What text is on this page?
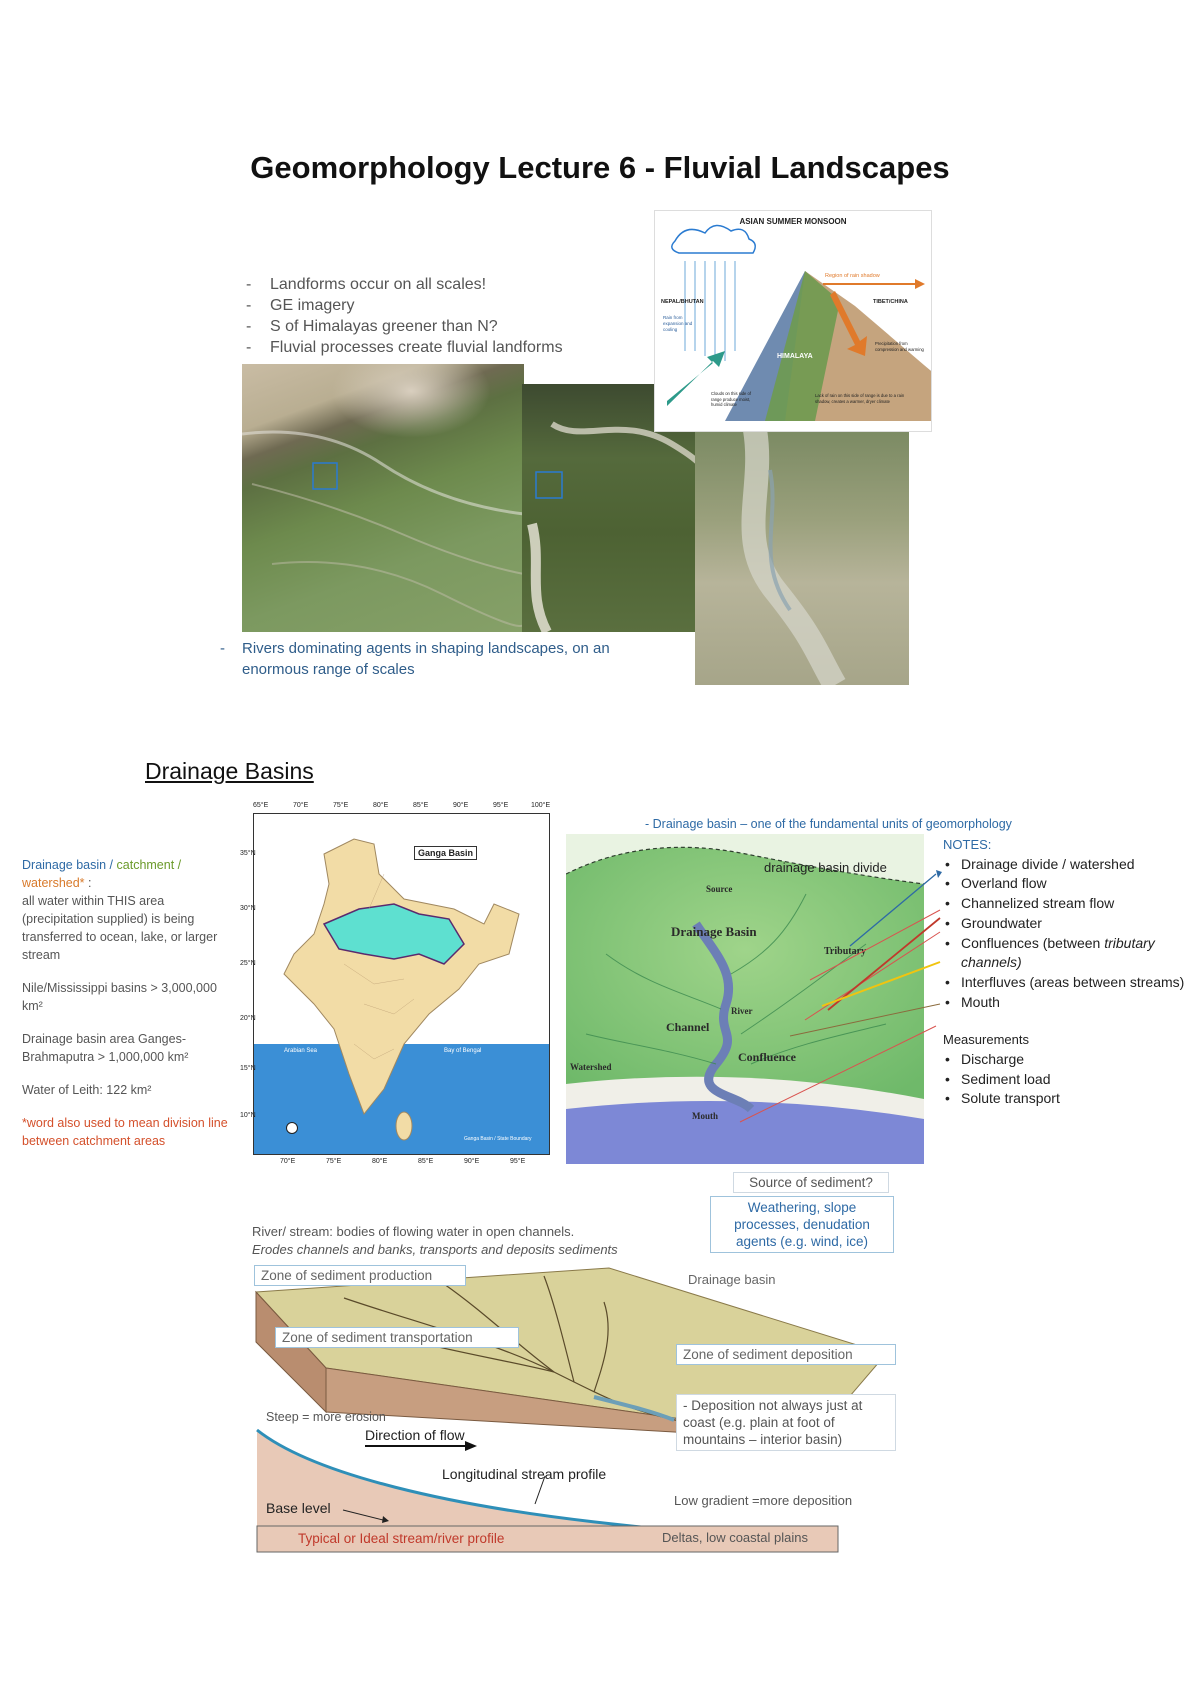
Geomorphology Lecture 6 - Fluvial Landscapes
- Landforms occur on all scales!
- GE imagery
- S of Himalayas greener than N?
- Fluvial processes create fluvial landforms
ASIAN SUMMER MONSOON
NEPAL/BHUTAN	TIBET/CHINA
HIMALAYA
Region of rain shadow
Rain from expansion and cooling
Clouds on this side of range produce moist, humid climate
Lack of rain on this side of range is due to a rain shadow, creates a warmer, dryer climate
Precipitation from compression and warming
- Rivers dominating agents in shaping landscapes, on an enormous range of scales
Drainage Basins

Drainage basin / catchment / watershed* :
all water within THIS area (precipitation supplied) is being transferred to ocean, lake, or larger stream

Nile/Mississippi basins > 3,000,000 km²

Drainage basin area Ganges-Brahmaputra > 1,000,000 km²

Water of Leith: 122 km²

*word also used to mean division line between catchment areas

65°E	70°E	75°E	80°E	85°E	90°E	95°E	100°E
Ganga Basin
Arabian Sea	Bay of Bengal
Ganga Basin / State Boundary
70°E	75°E	80°E	85°E	90°E	95°E
35°N
30°N
25°N
20°N
15°N
10°N
- Drainage basin – one of the fundamental units of geomorphology
drainage basin divide
Source
Drainage Basin
Tributary
River
Channel
Confluence
Watershed
Mouth
NOTES:
• Drainage divide / watershed
• Overland flow
• Channelized stream flow
• Groundwater
• Confluences (between tributary channels)
• Interfluves (areas between streams)
• Mouth
Measurements
• Discharge
• Sediment load
• Solute transport
Source of sediment?
Weathering, slope processes, denudation agents (e.g. wind, ice)
River/ stream: bodies of flowing water in open channels.
Erodes channels and banks, transports and deposits sediments
Zone of sediment production	Drainage basin
Zone of sediment transportation
Zone of sediment deposition
- Deposition not always just at coast (e.g. plain at foot of mountains – interior basin)
Steep = more erosion
Direction of flow
Longitudinal stream profile
Low gradient =more deposition
Base level
Typical or Ideal stream/river profile	Deltas, low coastal plains
